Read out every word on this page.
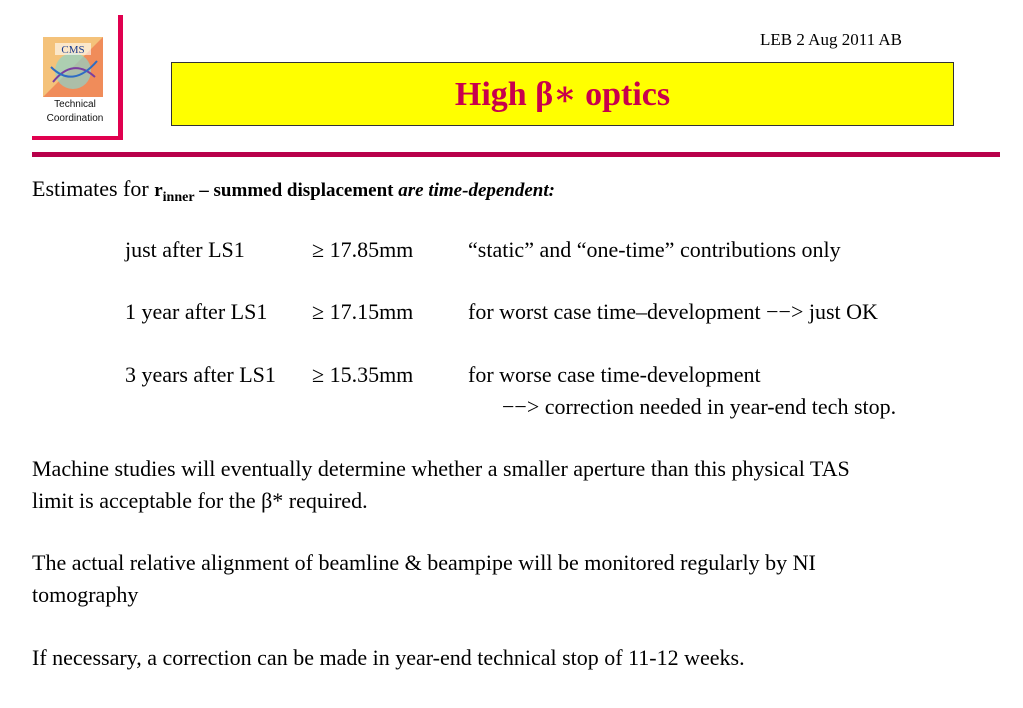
CMS
Technical
Coordination
LEB 2 Aug 2011 AB
High β∗ optics
Estimates for $r_{inner}$ – summed displacement are time-dependent:
just after LS1	≥ 17.85mm “static” and “one-time” contributions only
1 year after LS1 ≥ 17.15mm for worst case time–development −−> just OK
3 years after LS1 ≥ 15.35mm for worse case time-development
−−> correction needed in year-end tech stop.
Machine studies will eventually determine whether a smaller aperture than this physical TAS
limit is acceptable for the β* required.
The actual relative alignment of beamline & beampipe will be monitored regularly by NI
tomography
If necessary, a correction can be made in year-end technical stop of 11-12 weeks.
